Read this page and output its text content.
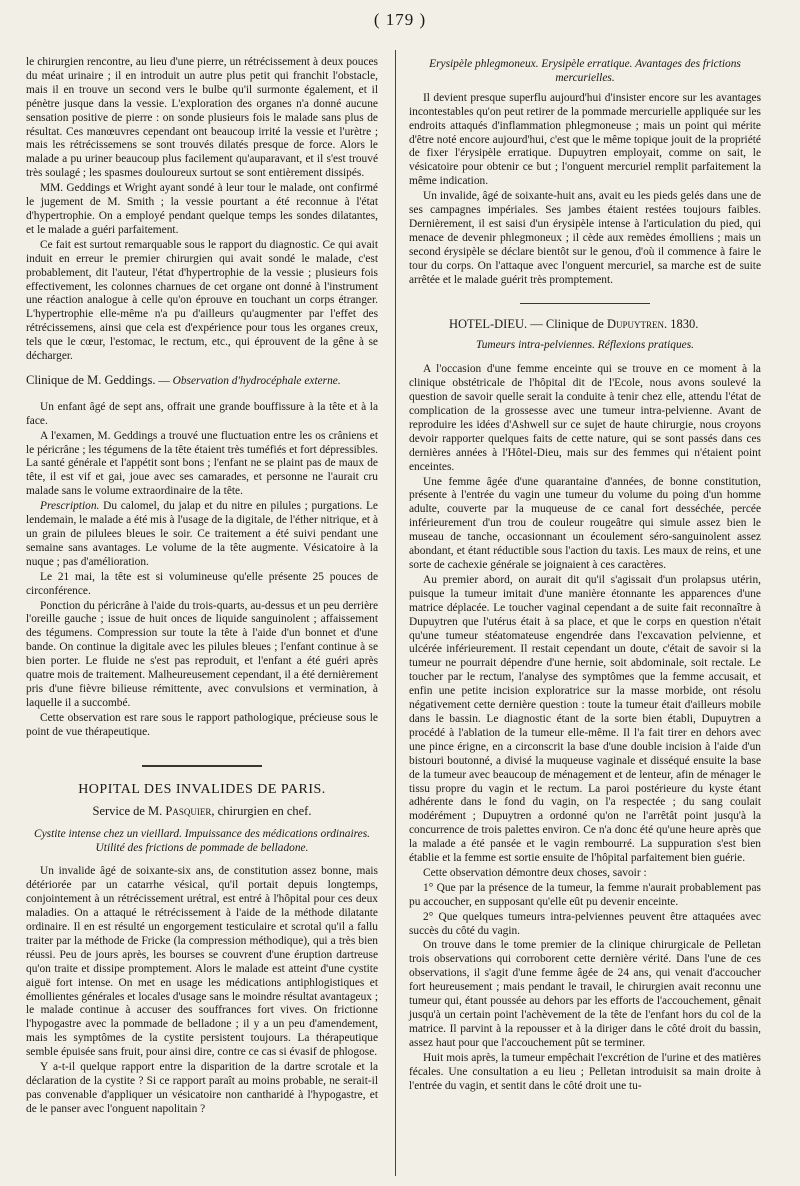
( 179 )

le chirurgien rencontre, au lieu d'une pierre, un rétrécissement à deux pouces du méat urinaire ; il en introduit un autre plus petit qui franchit l'obstacle, mais il en trouve un second vers le bulbe qu'il surmonte également, et il pénètre jusque dans la vessie. L'exploration des organes n'a donné aucune sensation positive de pierre : on sonde plusieurs fois le malade sans plus de résultat. Ces manœuvres cependant ont beaucoup irrité la vessie et l'urètre ; mais les rétrécissemens se sont trouvés dilatés presque de force. Alors le malade a pu uriner beaucoup plus facilement qu'auparavant, et il s'est trouvé très soulagé ; les spasmes douloureux surtout se sont entièrement dissipés.

MM. Geddings et Wright ayant sondé à leur tour le malade, ont confirmé le jugement de M. Smith ; la vessie pourtant a été reconnue à l'état d'hypertrophie. On a employé pendant quelque temps les sondes dilatantes, et le malade a guéri parfaitement.

Ce fait est surtout remarquable sous le rapport du diagnostic. Ce qui avait induit en erreur le premier chirurgien qui avait sondé le malade, c'est probablement, dit l'auteur, l'état d'hypertrophie de la vessie ; plusieurs fois effectivement, les colonnes charnues de cet organe ont donné à l'instrument une réaction analogue à celle qu'on éprouve en touchant un corps étranger. L'hypertrophie elle-même n'a pu d'ailleurs qu'augmenter par l'effet des rétrécissemens, ainsi que cela est d'expérience pour tous les organes creux, tels que le cœur, l'estomac, le rectum, etc., qui éprouvent de la gêne à se décharger.

Clinique de M. Geddings. — Observation d'hydrocéphale externe.

Un enfant âgé de sept ans, offrait une grande bouffissure à la tête et à la face.

A l'examen, M. Geddings a trouvé une fluctuation entre les os crâniens et le péricrâne ; les tégumens de la tête étaient très tuméfiés et fort dépressibles. La santé générale et l'appétit sont bons ; l'enfant ne se plaint pas de maux de tête, il est vif et gai, joue avec ses camarades, et personne ne l'aurait cru malade sans le volume extraordinaire de la tête.

Prescription. Du calomel, du jalap et du nitre en pilules ; purgations. Le lendemain, le malade a été mis à l'usage de la digitale, de l'éther nitrique, et à un grain de pilulees bleues le soir. Ce traitement a été suivi pendant une semaine sans avantages. Le volume de la tête augmente. Vésicatoire à la nuque ; pas d'amélioration.

Le 21 mai, la tête est si volumineuse qu'elle présente 25 pouces de circonférence.

Ponction du péricrâne à l'aide du trois-quarts, au-dessus et un peu derrière l'oreille gauche ; issue de huit onces de liquide sanguinolent ; affaissement des tégumens. Compression sur toute la tête à l'aide d'un bonnet et d'une bande. On continue la digitale avec les pilules bleues ; l'enfant continue à se bien porter. Le fluide ne s'est pas reproduit, et l'enfant a été guéri après quatre mois de traitement. Malheureusement cependant, il a été dernièrement pris d'une fièvre bilieuse rémittente, avec convulsions et vermination, à laquelle il a succombé.

Cette observation est rare sous le rapport pathologique, précieuse sous le point de vue thérapeutique.

HOPITAL DES INVALIDES DE PARIS.
Service de M. Pasquier, chirurgien en chef.
Cystite intense chez un vieillard. Impuissance des médications ordinaires. Utilité des frictions de pommade de belladone.

Un invalide âgé de soixante-six ans, de constitution assez bonne, mais détériorée par un catarrhe vésical, qu'il portait depuis longtemps, conjointement à un rétrécissement urétral, est entré à l'hôpital pour ces deux maladies. On a attaqué le rétrécissement à l'aide de la méthode dilatante ordinaire. Il en est résulté un engorgement testiculaire et scrotal qu'il a fallu traiter par la méthode de Fricke (la compression méthodique), qui a très bien réussi. Peu de jours après, les bourses se couvrent d'une éruption dartreuse qu'on traite et dissipe promptement. Alors le malade est atteint d'une cystite aiguë fort intense. On met en usage les médications antiphlogistiques et émollientes générales et locales d'usage sans le moindre résultat avantageux ; le malade continue à accuser des souffrances fort vives. On frictionne l'hypogastre avec la pommade de belladone ; il y a un peu d'amendement, mais les symptômes de la cystite persistent toujours. La thérapeutique semble épuisée sans fruit, pour ainsi dire, contre ce cas si évasif de phlogose.

Y a-t-il quelque rapport entre la disparition de la dartre scrotale et la déclaration de la cystite ? Si ce rapport paraît au moins probable, ne serait-il pas convenable d'appliquer un vésicatoire non cantharidé à l'hypogastre, et de le panser avec l'onguent napolitain ?

Erysipèle phlegmoneux. Erysipèle erratique. Avantages des frictions mercurielles.

Il devient presque superflu aujourd'hui d'insister encore sur les avantages incontestables qu'on peut retirer de la pommade mercurielle appliquée sur les endroits attaqués d'inflammation phlegmoneuse ; mais un point qui mérite d'être noté encore aujourd'hui, c'est que le même topique jouit de la propriété de fixer l'érysipèle erratique. Dupuytren employait, comme on sait, le vésicatoire pour obtenir ce but ; l'onguent mercuriel remplit parfaitement la même indication.

Un invalide, âgé de soixante-huit ans, avait eu les pieds gelés dans une de ses campagnes impériales. Ses jambes étaient restées toujours faibles. Dernièrement, il est saisi d'un érysipèle intense à l'articulation du pied, qui menace de devenir phlegmoneux ; il cède aux remèdes émolliens ; mais un second érysipèle se déclare bientôt sur le genou, d'où il commence à faire le tour du corps. On l'attaque avec l'onguent mercuriel, sa marche est de suite arrêtée et le malade guérit très promptement.

HOTEL-DIEU. — Clinique de Dupuytren. 1830.
Tumeurs intra-pelviennes. Réflexions pratiques.

A l'occasion d'une femme enceinte qui se trouve en ce moment à la clinique obstétricale de l'hôpital dit de l'Ecole, nous avons soulevé la question de savoir quelle serait la conduite à tenir chez elle, attendu l'état de complication de la grossesse avec une tumeur intra-pelvienne. Avant de reproduire les idées d'Ashwell sur ce sujet de haute chirurgie, nous croyons devoir rapporter quelques faits de cette nature, qui se sont passés dans ces dernières années à l'Hôtel-Dieu, mais sur des femmes qui n'étaient point enceintes.

Une femme âgée d'une quarantaine d'années, de bonne constitution, présente à l'entrée du vagin une tumeur du volume du poing d'un homme adulte, couverte par la muqueuse de ce canal fort desséchée, percée inférieurement d'un trou de couleur rougeâtre qui simule assez bien le museau de tanche, occasionnant un écoulement séro-sanguinolent assez abondant, et étant réductible sous l'action du taxis. Les maux de reins, et une sorte de cachexie générale se joignaient à ces caractères.

Au premier abord, on aurait dit qu'il s'agissait d'un prolapsus utérin, puisque la tumeur imitait d'une manière étonnante les apparences d'une matrice déplacée. Le toucher vaginal cependant a de suite fait reconnaître à Dupuytren que l'utérus était à sa place, et que le corps en question n'était qu'une tumeur stéatomateuse engendrée dans l'excavation pelvienne, et ulcérée inférieurement. Il restait cependant un doute, c'était de savoir si la tumeur ne pourrait dépendre d'une hernie, soit abdominale, soit rectale. Le toucher par le rectum, l'analyse des symptômes que la femme accusait, et enfin une petite incision exploratrice sur la masse morbide, ont résolu négativement cette dernière question : toute la tumeur était d'ailleurs mobile dans le bassin. Le diagnostic étant de la sorte bien établi, Dupuytren a procédé à l'ablation de la tumeur elle-même. Il l'a fait tirer en dehors avec une pince érigne, en a circonscrit la base d'une double incision à l'aide d'un bistouri boutonné, a divisé la muqueuse vaginale et disséqué ensuite la base de la tumeur avec beaucoup de ménagement et de lenteur, afin de ménager le tissu propre du vagin et le rectum. La paroi postérieure du kyste étant adhérente dans le fond du vagin, on l'a respectée ; du sang coulait modérément ; Dupuytren a ordonné qu'on ne l'arrêtât point jusqu'à la concurrence de trois palettes environ. Ce n'a donc été qu'une heure après que la malade a été pansée et le vagin rembourré. La suppuration s'est bien établie et la femme est sortie ensuite de l'hôpital parfaitement bien guérie.

Cette observation démontre deux choses, savoir :

1° Que par la présence de la tumeur, la femme n'aurait probablement pas pu accoucher, en supposant qu'elle eût pu devenir enceinte.

2° Que quelques tumeurs intra-pelviennes peuvent être attaquées avec succès du côté du vagin.

On trouve dans le tome premier de la clinique chirurgicale de Pelletan trois observations qui corroborent cette dernière vérité. Dans l'une de ces observations, il s'agit d'une femme âgée de 24 ans, qui venait d'accoucher fort heureusement ; mais pendant le travail, le chirurgien avait reconnu une tumeur qui, étant poussée au dehors par les efforts de l'accouchement, gênait jusqu'à un certain point l'achèvement de la tête de l'enfant hors du col de la matrice. Il parvint à la repousser et à la diriger dans le côté droit du bassin, assez haut pour que l'accouchement pût se terminer.

Huit mois après, la tumeur empêchait l'excrétion de l'urine et des matières fécales. Une consultation a eu lieu ; Pelletan introduisit sa main droite à l'entrée du vagin, et sentit dans le côté droit une tu-
